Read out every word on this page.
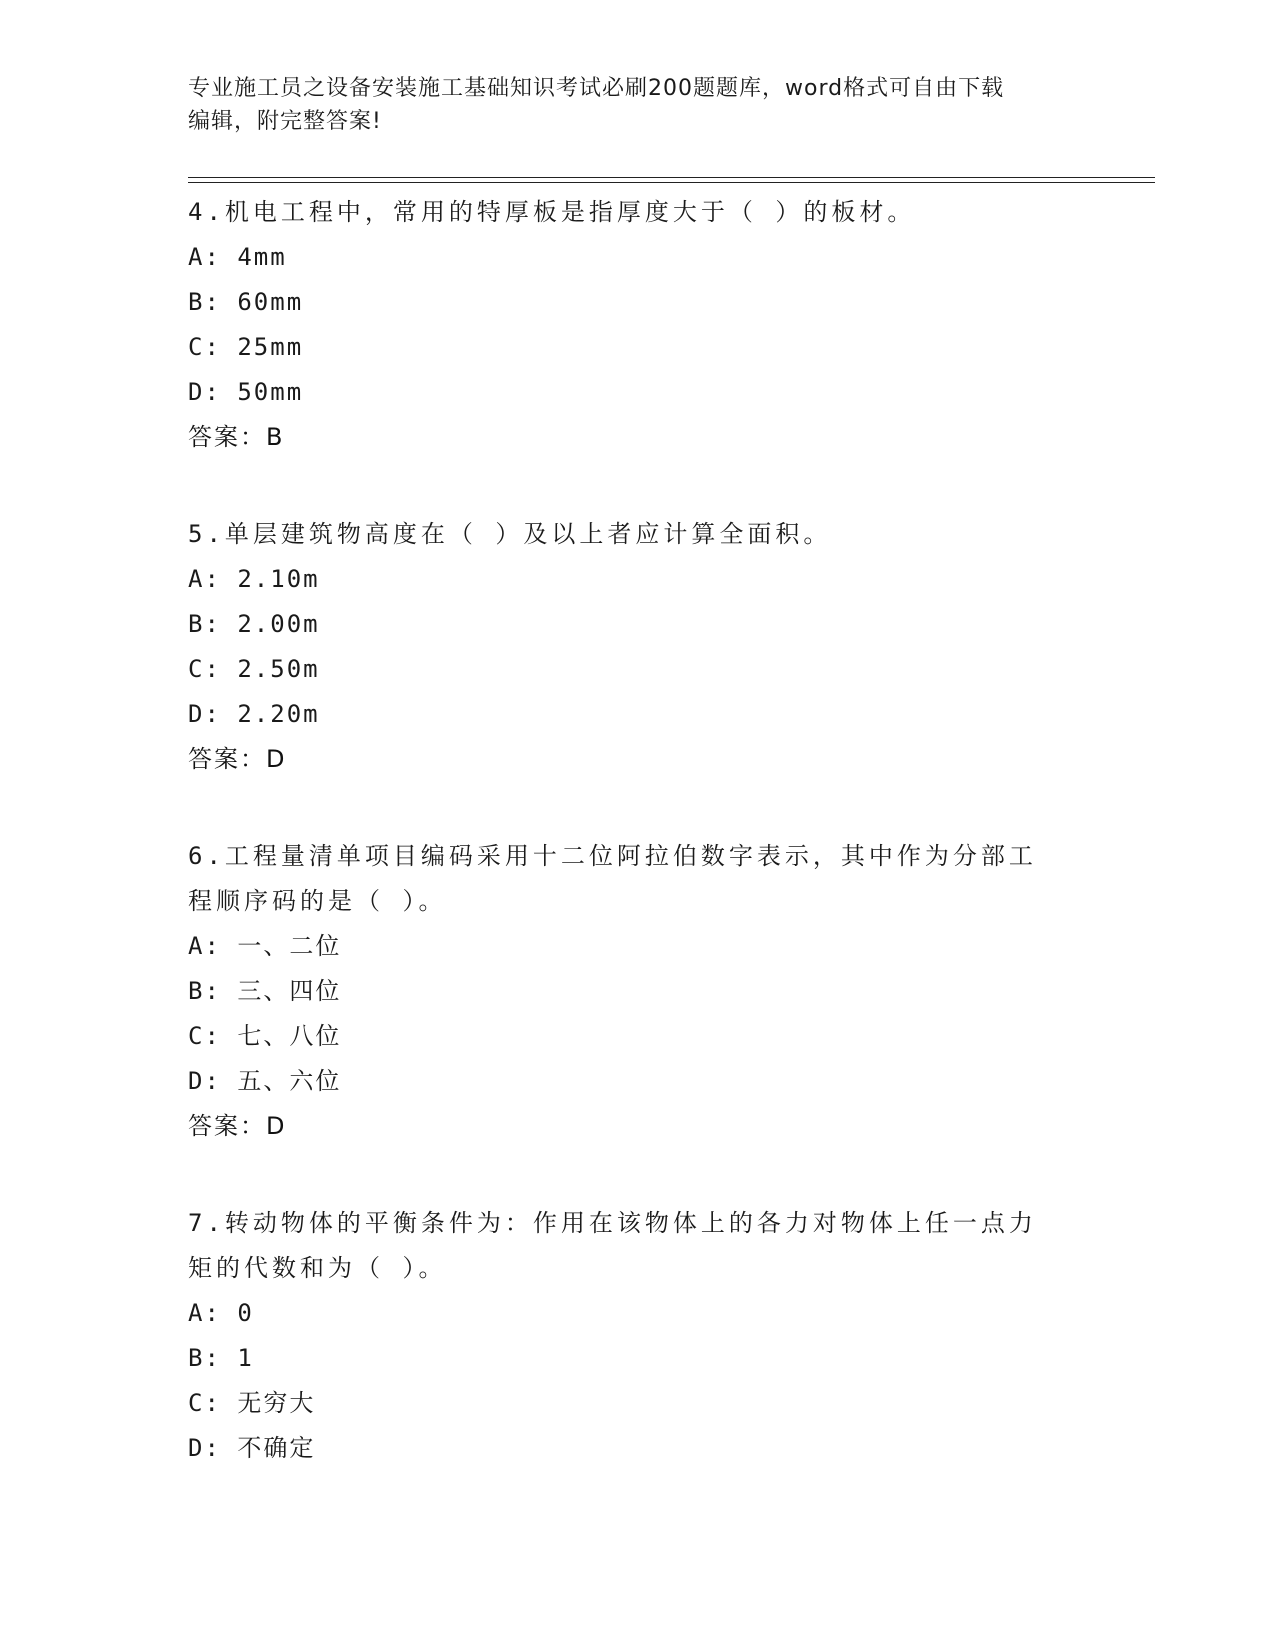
专业施工员之设备安装施工基础知识考试必刷200题题库，word格式可自由下载
编辑，附完整答案!
4.机电工程中，常用的特厚板是指厚度大于（ ）的板材。
A: 4mm
B: 60mm
C: 25mm
D: 50mm
答案：B
5.单层建筑物高度在（ ）及以上者应计算全面积。
A: 2.10m
B: 2.00m
C: 2.50m
D: 2.20m
答案：D
6.工程量清单项目编码采用十二位阿拉伯数字表示，其中作为分部工
程顺序码的是（ ）。
A: 一、二位
B: 三、四位
C: 七、八位
D: 五、六位
答案：D
7.转动物体的平衡条件为：作用在该物体上的各力对物体上任一点力
矩的代数和为（ ）。
A: 0
B: 1
C: 无穷大
D: 不确定
